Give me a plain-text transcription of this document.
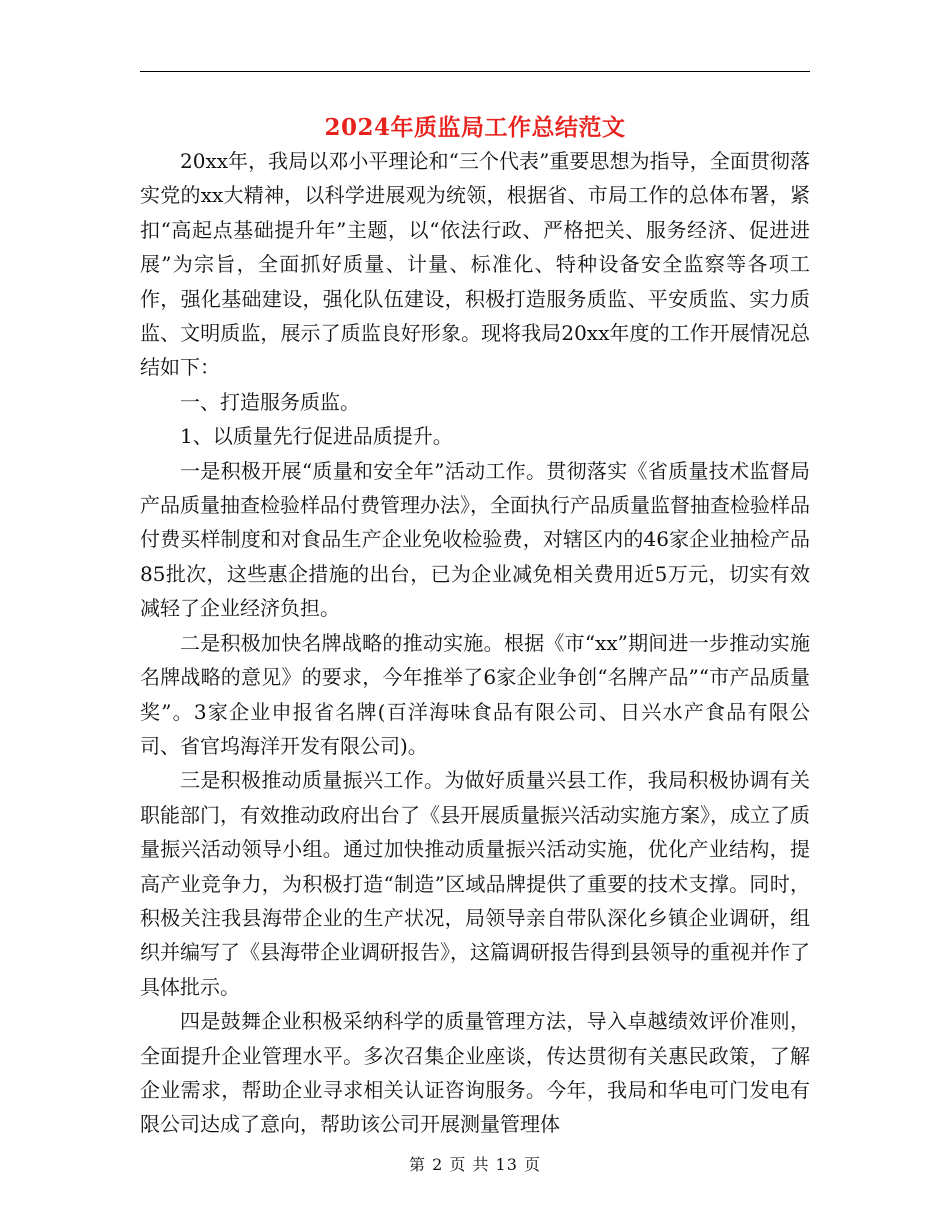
2024年质监局工作总结范文

20xx年，我局以邓小平理论和“三个代表”重要思想为指导，全面贯彻落实党的xx大精神，以科学进展观为统领，根据省、市局工作的总体布署，紧扣“高起点基础提升年”主题，以“依法行政、严格把关、服务经济、促进进展”为宗旨，全面抓好质量、计量、标准化、特种设备安全监察等各项工作，强化基础建设，强化队伍建设，积极打造服务质监、平安质监、实力质监、文明质监，展示了质监良好形象。现将我局20xx年度的工作开展情况总结如下：

一、打造服务质监。

1、以质量先行促进品质提升。

一是积极开展“质量和安全年”活动工作。贯彻落实《省质量技术监督局产品质量抽查检验样品付费管理办法》，全面执行产品质量监督抽查检验样品付费买样制度和对食品生产企业免收检验费，对辖区内的46家企业抽检产品85批次，这些惠企措施的出台，已为企业减免相关费用近5万元，切实有效减轻了企业经济负担。

二是积极加快名牌战略的推动实施。根据《市“xx”期间进一步推动实施名牌战略的意见》的要求，今年推举了6家企业争创“名牌产品”“市产品质量奖”。3家企业申报省名牌(百洋海味食品有限公司、日兴水产食品有限公司、省官坞海洋开发有限公司)。

三是积极推动质量振兴工作。为做好质量兴县工作，我局积极协调有关职能部门，有效推动政府出台了《县开展质量振兴活动实施方案》，成立了质量振兴活动领导小组。通过加快推动质量振兴活动实施，优化产业结构，提高产业竞争力，为积极打造“制造”区域品牌提供了重要的技术支撑。同时，积极关注我县海带企业的生产状况，局领导亲自带队深化乡镇企业调研，组织并编写了《县海带企业调研报告》，这篇调研报告得到县领导的重视并作了具体批示。

四是鼓舞企业积极采纳科学的质量管理方法，导入卓越绩效评价准则，全面提升企业管理水平。多次召集企业座谈，传达贯彻有关惠民政策，了解企业需求，帮助企业寻求相关认证咨询服务。今年，我局和华电可门发电有限公司达成了意向，帮助该公司开展测量管理体

第 2 页 共 13 页
